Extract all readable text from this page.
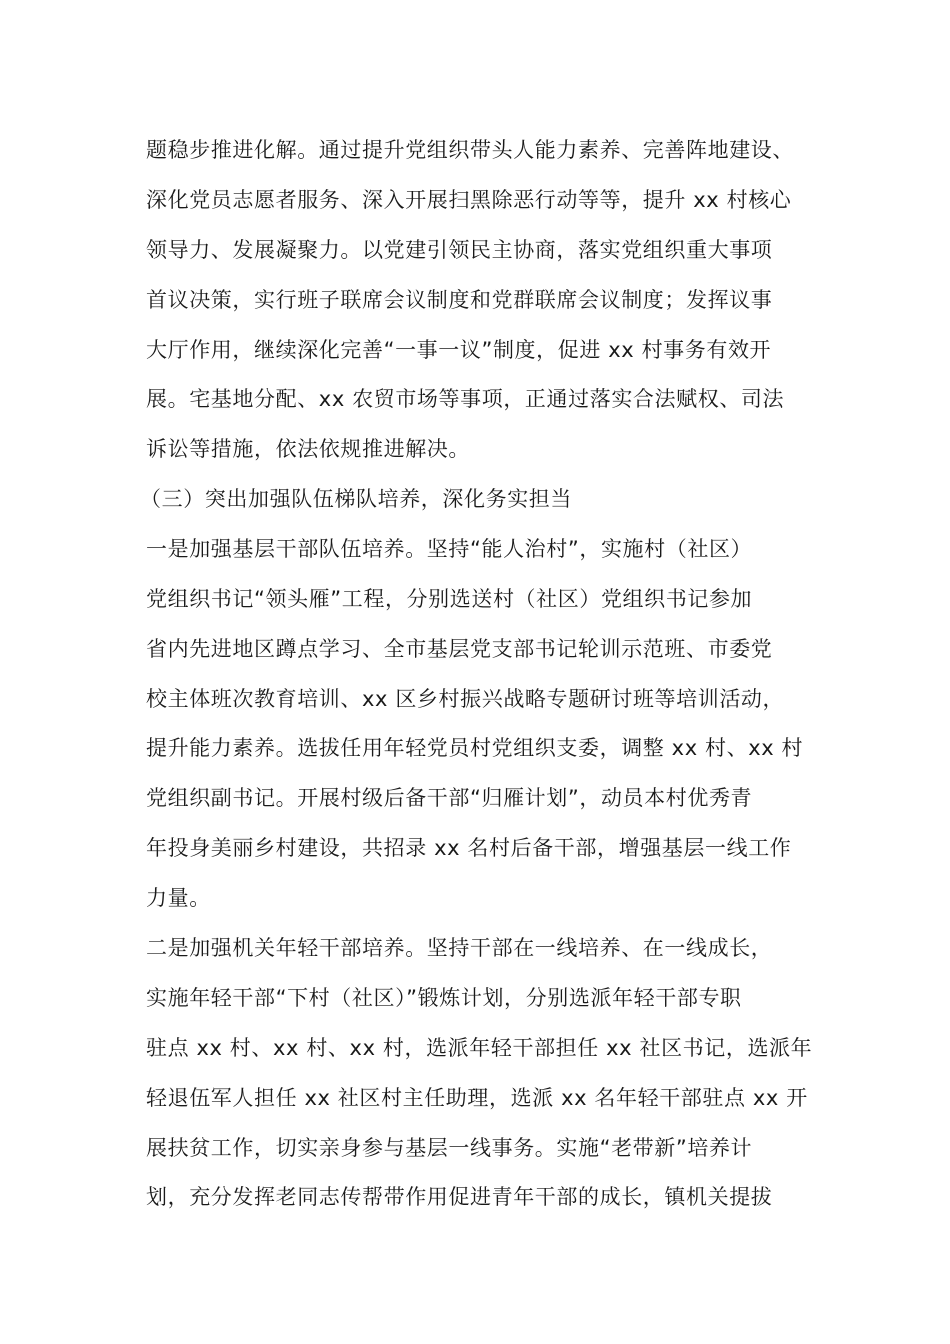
题稳步推进化解。通过提升党组织带头人能力素养、完善阵地建设、
深化党员志愿者服务、深入开展扫黑除恶行动等等，提升 xx 村核心
领导力、发展凝聚力。以党建引领民主协商，落实党组织重大事项
首议决策，实行班子联席会议制度和党群联席会议制度；发挥议事
大厅作用，继续深化完善“一事一议”制度，促进 xx 村事务有效开
展。宅基地分配、xx 农贸市场等事项，正通过落实合法赋权、司法
诉讼等措施，依法依规推进解决。
（三）突出加强队伍梯队培养，深化务实担当
一是加强基层干部队伍培养。坚持“能人治村”，实施村（社区）
党组织书记“领头雁”工程，分别选送村（社区）党组织书记参加
省内先进地区蹲点学习、全市基层党支部书记轮训示范班、市委党
校主体班次教育培训、xx 区乡村振兴战略专题研讨班等培训活动，
提升能力素养。选拔任用年轻党员村党组织支委，调整 xx 村、xx 村
党组织副书记。开展村级后备干部“归雁计划”，动员本村优秀青
年投身美丽乡村建设，共招录 xx 名村后备干部，增强基层一线工作
力量。
二是加强机关年轻干部培养。坚持干部在一线培养、在一线成长，
实施年轻干部“下村（社区）”锻炼计划，分别选派年轻干部专职
驻点 xx 村、xx 村、xx 村，选派年轻干部担任 xx 社区书记，选派年
轻退伍军人担任 xx 社区村主任助理，选派 xx 名年轻干部驻点 xx 开
展扶贫工作，切实亲身参与基层一线事务。实施“老带新”培养计
划，充分发挥老同志传帮带作用促进青年干部的成长，镇机关提拔
